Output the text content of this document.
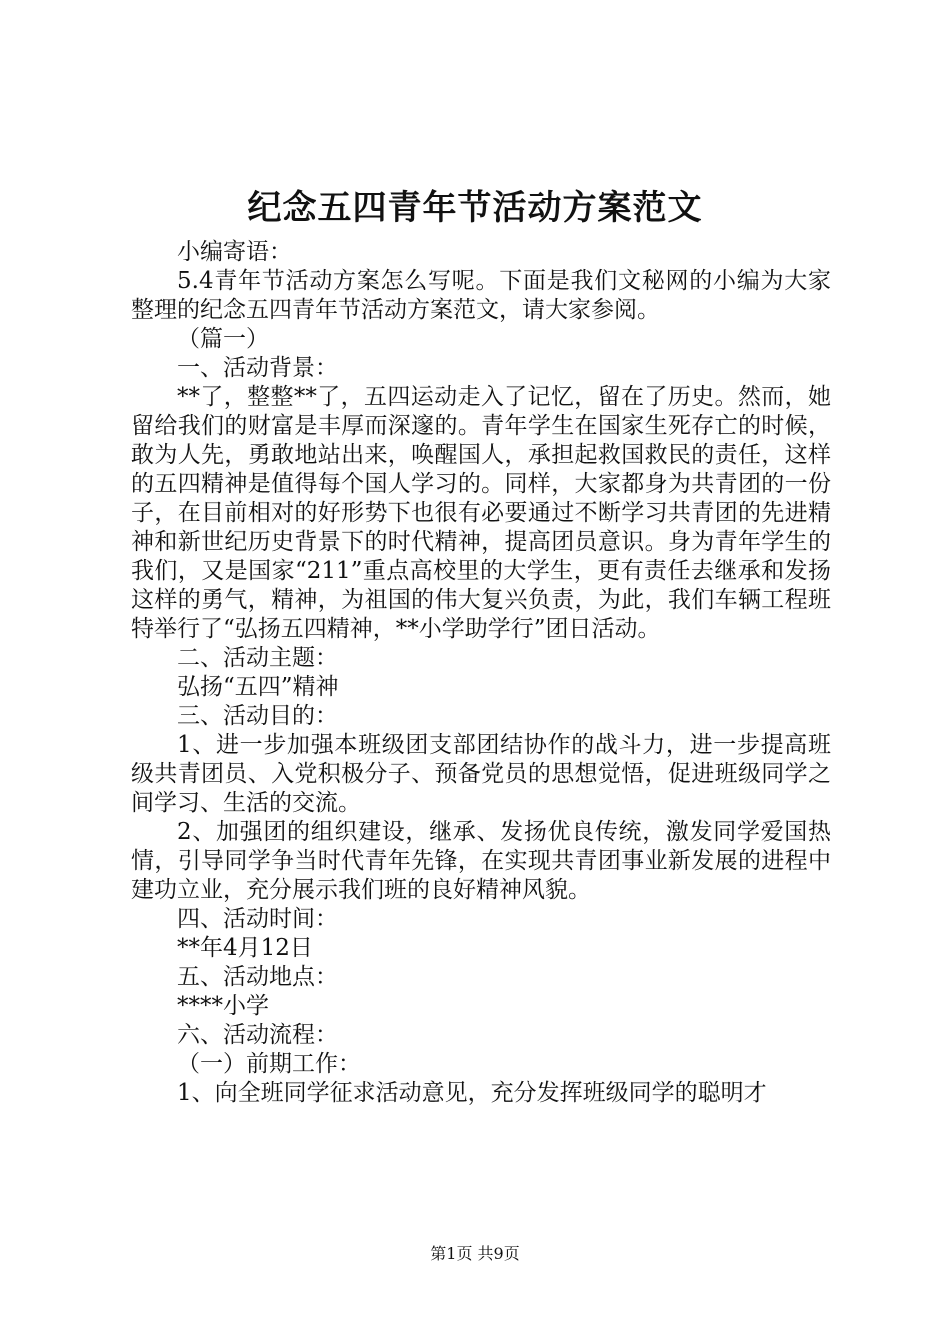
纪念五四青年节活动方案范文

小编寄语：

5.4青年节活动方案怎么写呢。下面是我们文秘网的小编为大家整理的纪念五四青年节活动方案范文，请大家参阅。

（篇一）

一、活动背景：

**了，整整**了，五四运动走入了记忆，留在了历史。然而，她留给我们的财富是丰厚而深邃的。青年学生在国家生死存亡的时候，敢为人先，勇敢地站出来，唤醒国人，承担起救国救民的责任，这样的五四精神是值得每个国人学习的。同样，大家都身为共青团的一份子，在目前相对的好形势下也很有必要通过不断学习共青团的先进精神和新世纪历史背景下的时代精神，提高团员意识。身为青年学生的我们，又是国家“211”重点高校里的大学生，更有责任去继承和发扬这样的勇气，精神，为祖国的伟大复兴负责，为此，我们车辆工程班特举行了“弘扬五四精神，**小学助学行”团日活动。

二、活动主题：

弘扬“五四”精神

三、活动目的：

1、进一步加强本班级团支部团结协作的战斗力，进一步提高班级共青团员、入党积极分子、预备党员的思想觉悟，促进班级同学之间学习、生活的交流。

2、加强团的组织建设，继承、发扬优良传统，激发同学爱国热情，引导同学争当时代青年先锋，在实现共青团事业新发展的进程中建功立业，充分展示我们班的良好精神风貌。

四、活动时间：

**年4月12日

五、活动地点：

****小学

六、活动流程：

（一）前期工作：

1、向全班同学征求活动意见，充分发挥班级同学的聪明才

第1页 共9页
